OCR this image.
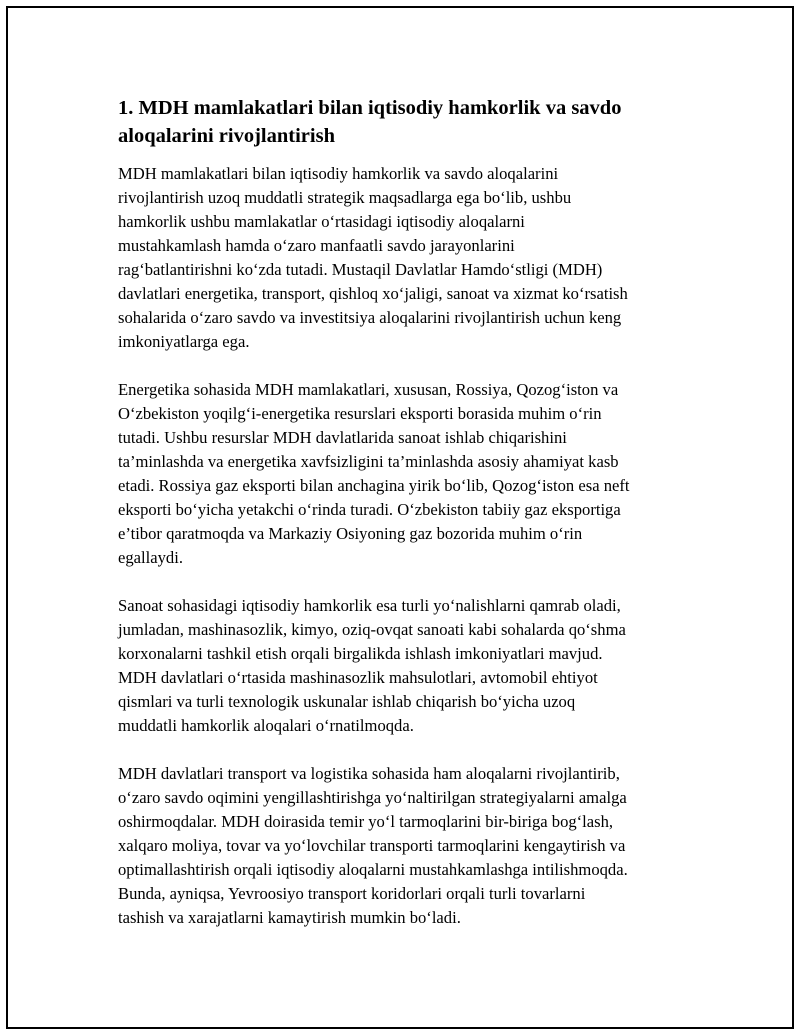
1. MDH mamlakatlari bilan iqtisodiy hamkorlik va savdo
aloqalarini rivojlantirish

MDH mamlakatlari bilan iqtisodiy hamkorlik va savdo aloqalarini
rivojlantirish uzoq muddatli strategik maqsadlarga ega bo‘lib, ushbu
hamkorlik ushbu mamlakatlar o‘rtasidagi iqtisodiy aloqalarni
mustahkamlash hamda o‘zaro manfaatli savdo jarayonlarini
rag‘batlantirishni ko‘zda tutadi. Mustaqil Davlatlar Hamdo‘stligi (MDH)
davlatlari energetika, transport, qishloq xo‘jaligi, sanoat va xizmat ko‘rsatish
sohalarida o‘zaro savdo va investitsiya aloqalarini rivojlantirish uchun keng
imkoniyatlarga ega.

Energetika sohasida MDH mamlakatlari, xususan, Rossiya, Qozog‘iston va
O‘zbekiston yoqilg‘i-energetika resurslari eksporti borasida muhim o‘rin
tutadi. Ushbu resurslar MDH davlatlarida sanoat ishlab chiqarishini
ta’minlashda va energetika xavfsizligini ta’minlashda asosiy ahamiyat kasb
etadi. Rossiya gaz eksporti bilan anchagina yirik bo‘lib, Qozog‘iston esa neft
eksporti bo‘yicha yetakchi o‘rinda turadi. O‘zbekiston tabiiy gaz eksportiga
e’tibor qaratmoqda va Markaziy Osiyoning gaz bozorida muhim o‘rin
egallaydi.

Sanoat sohasidagi iqtisodiy hamkorlik esa turli yo‘nalishlarni qamrab oladi,
jumladan, mashinasozlik, kimyo, oziq-ovqat sanoati kabi sohalarda qo‘shma
korxonalarni tashkil etish orqali birgalikda ishlash imkoniyatlari mavjud.
MDH davlatlari o‘rtasida mashinasozlik mahsulotlari, avtomobil ehtiyot
qismlari va turli texnologik uskunalar ishlab chiqarish bo‘yicha uzoq
muddatli hamkorlik aloqalari o‘rnatilmoqda.

MDH davlatlari transport va logistika sohasida ham aloqalarni rivojlantirib,
o‘zaro savdo oqimini yengillashtirishga yo‘naltirilgan strategiyalarni amalga
oshirmoqdalar. MDH doirasida temir yo‘l tarmoqlarini bir-biriga bog‘lash,
xalqaro moliya, tovar va yo‘lovchilar transporti tarmoqlarini kengaytirish va
optimallashtirish orqali iqtisodiy aloqalarni mustahkamlashga intilishmoqda.
Bunda, ayniqsa, Yevroosiyo transport koridorlari orqali turli tovarlarni
tashish va xarajatlarni kamaytirish mumkin bo‘ladi.
